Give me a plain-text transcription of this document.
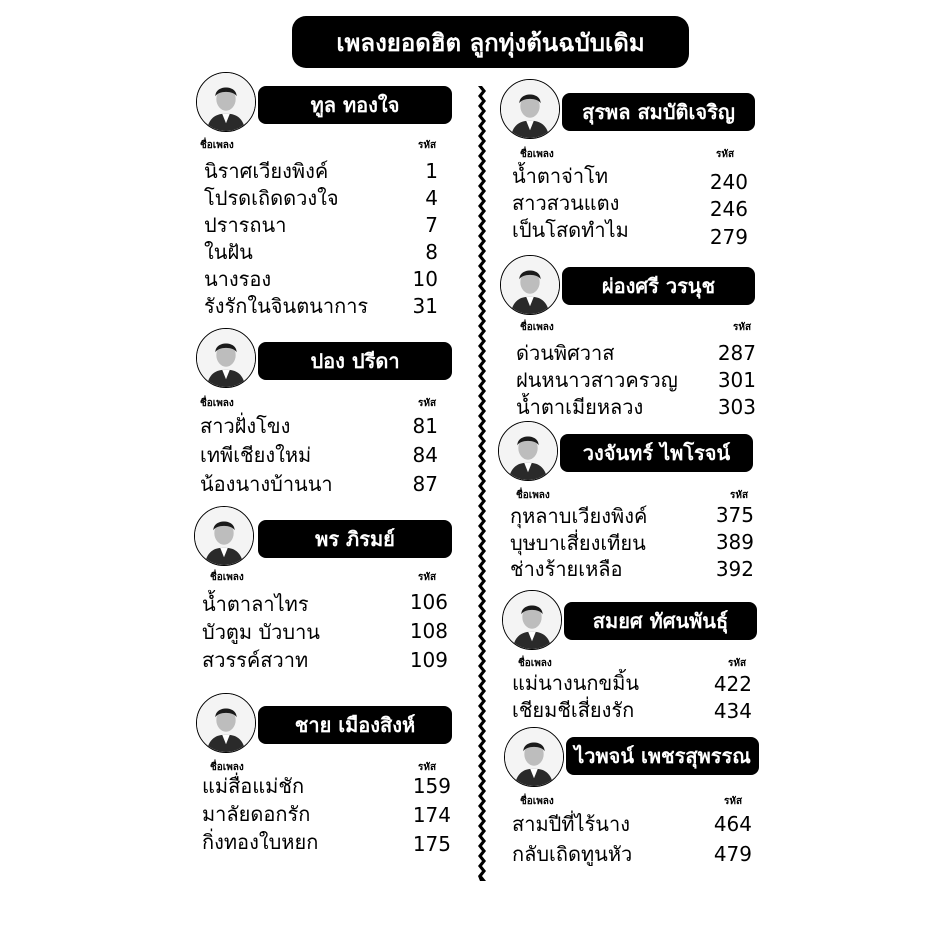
เพลงยอดฮิต ลูกทุ่งต้นฉบับเดิม
ทูล ทองใจ
ชื่อเพลง	รหัส
นิราศเวียงพิงค์	1
โปรดเถิดดวงใจ	4
ปรารถนา	7
ในฝัน	8
นางรอง	10
รังรักในจินตนาการ	31
ปอง ปรีดา
ชื่อเพลง	รหัส
สาวฝั่งโขง	81
เทพีเชียงใหม่	84
น้องนางบ้านนา	87
พร ภิรมย์
ชื่อเพลง	รหัส
น้ำตาลาไทร	106
บัวตูม บัวบาน	108
สวรรค์สวาท	109
ชาย เมืองสิงห์
ชื่อเพลง	รหัส
แม่สื่อแม่ชัก	159
มาลัยดอกรัก	174
กิ่งทองใบหยก	175
สุรพล สมบัติเจริญ
ชื่อเพลง	รหัส
น้ำตาจ่าโท	240
สาวสวนแตง	246
เป็นโสดทำไม	279
ผ่องศรี วรนุช
ชื่อเพลง	รหัส
ด่วนพิศวาส	287
ฝนหนาวสาวครวญ	301
น้ำตาเมียหลวง	303
วงจันทร์ ไพโรจน์
ชื่อเพลง	รหัส
กุหลาบเวียงพิงค์	375
บุษบาเสี่ยงเทียน	389
ช่างร้ายเหลือ	392
สมยศ ทัศนพันธุ์
ชื่อเพลง	รหัส
แม่นางนกขมิ้น	422
เชียมชีเสี่ยงรัก	434
ไวพจน์ เพชรสุพรรณ
ชื่อเพลง	รหัส
สามปีที่ไร้นาง	464
กลับเถิดทูนหัว	479
